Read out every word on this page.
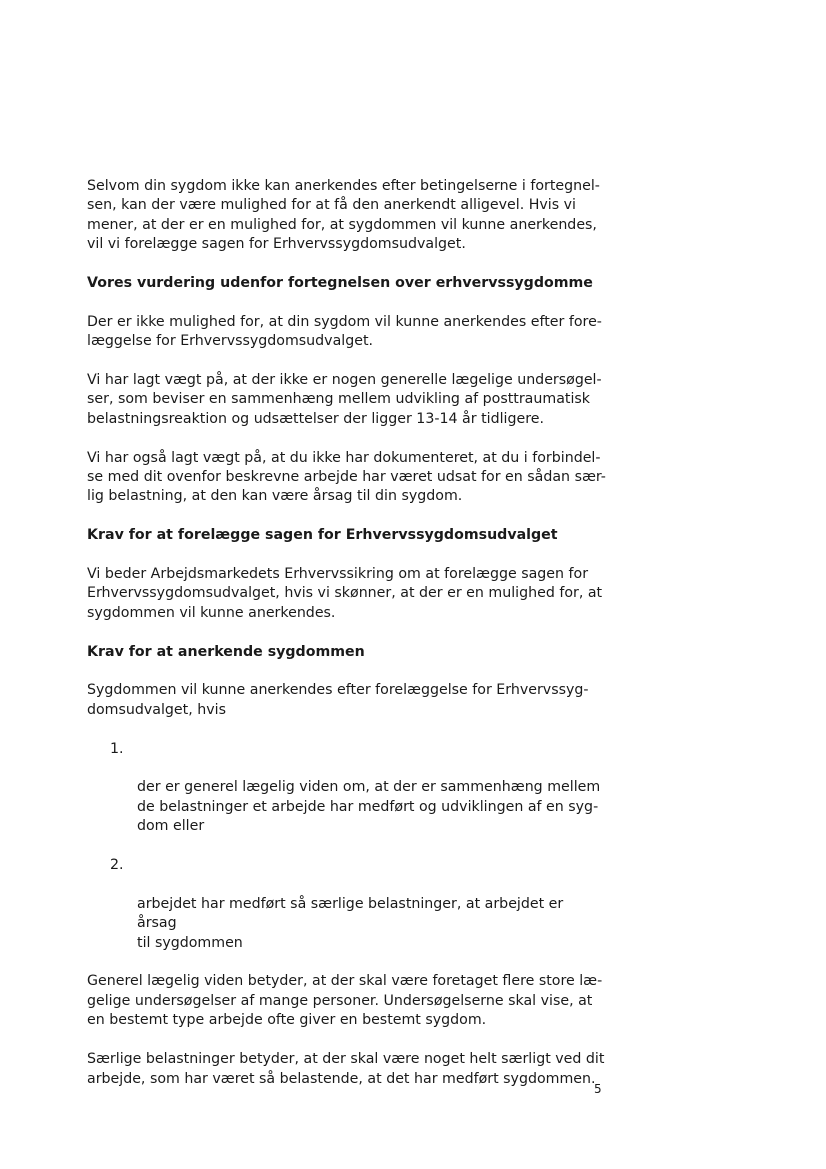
Selvom din sygdom ikke kan anerkendes efter betingelserne i fortegnel-
sen, kan der være mulighed for at få den anerkendt alligevel. Hvis vi
mener, at der er en mulighed for, at sygdommen vil kunne anerkendes,
vil vi forelægge sagen for Erhvervssygdomsudvalget.

Vores vurdering udenfor fortegnelsen over erhvervssygdomme

Der er ikke mulighed for, at din sygdom vil kunne anerkendes efter fore-
læggelse for Erhvervssygdomsudvalget.

Vi har lagt vægt på, at der ikke er nogen generelle lægelige undersøgel-
ser, som beviser en sammenhæng mellem udvikling af posttraumatisk
belastningsreaktion og udsættelser der ligger 13-14 år tidligere.

Vi har også lagt vægt på, at du ikke har dokumenteret, at du i forbindel-
se med dit ovenfor beskrevne arbejde har været udsat for en sådan sær-
lig belastning, at den kan være årsag til din sygdom.

Krav for at forelægge sagen for Erhvervssygdomsudvalget

Vi beder Arbejdsmarkedets Erhvervssikring om at forelægge sagen for
Erhvervssygdomsudvalget, hvis vi skønner, at der er en mulighed for, at
sygdommen vil kunne anerkendes.

Krav for at anerkende sygdommen

Sygdommen vil kunne anerkendes efter forelæggelse for Erhvervssyg-
domsudvalget, hvis

1.

der er generel lægelig viden om, at der er sammenhæng mellem
de belastninger et arbejde har medført og udviklingen af en syg-
dom eller

2.

arbejdet har medført så særlige belastninger, at arbejdet er årsag
til sygdommen

Generel lægelig viden betyder, at der skal være foretaget flere store læ-
gelige undersøgelser af mange personer. Undersøgelserne skal vise, at
en bestemt type arbejde ofte giver en bestemt sygdom.

Særlige belastninger betyder, at der skal være noget helt særligt ved dit
arbejde, som har været så belastende, at det har medført sygdommen.

5
